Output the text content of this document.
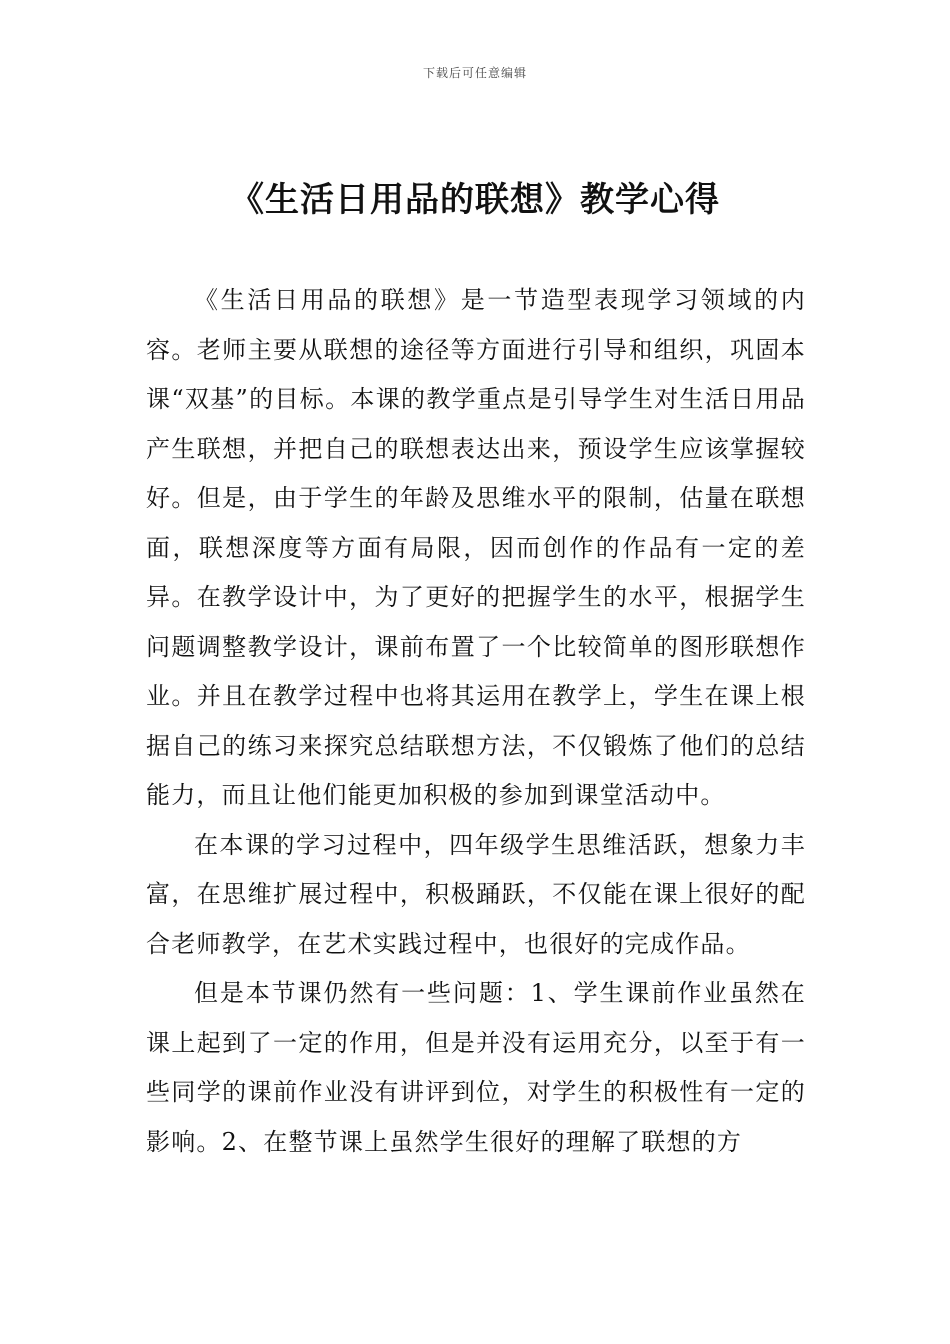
下载后可任意编辑
《生活日用品的联想》教学心得

《生活日用品的联想》是一节造型表现学习领域的内容。老师主要从联想的途径等方面进行引导和组织，巩固本课“双基”的目标。本课的教学重点是引导学生对生活日用品产生联想，并把自己的联想表达出来，预设学生应该掌握较好。但是，由于学生的年龄及思维水平的限制，估量在联想面，联想深度等方面有局限，因而创作的作品有一定的差异。在教学设计中，为了更好的把握学生的水平，根据学生问题调整教学设计，课前布置了一个比较简单的图形联想作业。并且在教学过程中也将其运用在教学上，学生在课上根据自己的练习来探究总结联想方法，不仅锻炼了他们的总结能力，而且让他们能更加积极的参加到课堂活动中。

在本课的学习过程中，四年级学生思维活跃，想象力丰富，在思维扩展过程中，积极踊跃，不仅能在课上很好的配合老师教学，在艺术实践过程中，也很好的完成作品。

但是本节课仍然有一些问题：1、学生课前作业虽然在课上起到了一定的作用，但是并没有运用充分，以至于有一些同学的课前作业没有讲评到位，对学生的积极性有一定的影响。2、在整节课上虽然学生很好的理解了联想的方
